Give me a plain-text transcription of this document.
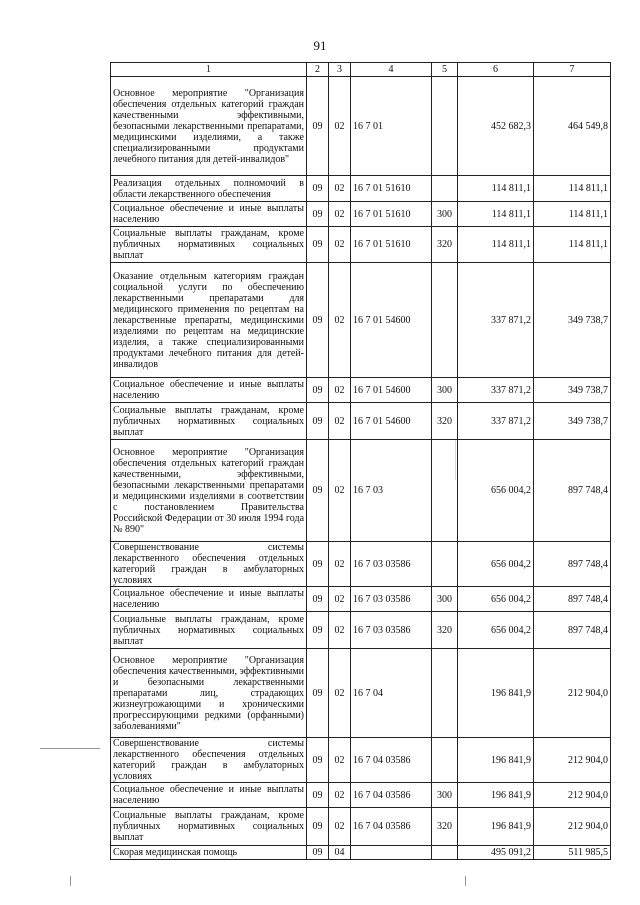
91
1	2	3	4	5	6	7
Основное мероприятие "Организация обеспечения отдельных категорий граждан качественными эффективными, безопасными лекарственными препаратами, медицинскими изделиями, а также специализированными продуктами лечебного питания для детей-инвалидов"	09	02	16 7 01		452 682,3	464 549,8
Реализация отдельных полномочий в области лекарственного обеспечения	09	02	16 7 01 51610		114 811,1	114 811,1
Социальное обеспечение и иные выплаты населению	09	02	16 7 01 51610	300	114 811,1	114 811,1
Социальные выплаты гражданам, кроме публичных нормативных социальных выплат	09	02	16 7 01 51610	320	114 811,1	114 811,1
Оказание отдельным категориям граждан социальной услуги по обеспечению лекарственными препаратами для медицинского применения по рецептам на лекарственные препараты, медицинскими изделиями по рецептам на медицинские изделия, а также специализированными продуктами лечебного питания для детей-инвалидов	09	02	16 7 01 54600		337 871,2	349 738,7
Социальное обеспечение и иные выплаты населению	09	02	16 7 01 54600	300	337 871,2	349 738,7
Социальные выплаты гражданам, кроме публичных нормативных социальных выплат	09	02	16 7 01 54600	320	337 871,2	349 738,7
Основное мероприятие "Организация обеспечения отдельных категорий граждан качественными, эффективными, безопасными лекарственными препаратами и медицинскими изделиями в соответствии с постановлением Правительства Российской Федерации от 30 июля 1994 года № 890"	09	02	16 7 03		656 004,2	897 748,4
Совершенствование системы лекарственного обеспечения отдельных категорий граждан в амбулаторных условиях	09	02	16 7 03 03586		656 004,2	897 748,4
Социальное обеспечение и иные выплаты населению	09	02	16 7 03 03586	300	656 004,2	897 748,4
Социальные выплаты гражданам, кроме публичных нормативных социальных выплат	09	02	16 7 03 03586	320	656 004,2	897 748,4
Основное мероприятие "Организация обеспечения качественными, эффективными и безопасными лекарственными препаратами лиц, страдающих жизнеугрожающими и хроническими прогрессирующими редкими (орфанными) заболеваниями"	09	02	16 7 04		196 841,9	212 904,0
Совершенствование системы лекарственного обеспечения отдельных категорий граждан в амбулаторных условиях	09	02	16 7 04 03586		196 841,9	212 904,0
Социальное обеспечение и иные выплаты населению	09	02	16 7 04 03586	300	196 841,9	212 904,0
Социальные выплаты гражданам, кроме публичных нормативных социальных выплат	09	02	16 7 04 03586	320	196 841,9	212 904,0
Скорая медицинская помощь	09	04			495 091,2	511 985,5
